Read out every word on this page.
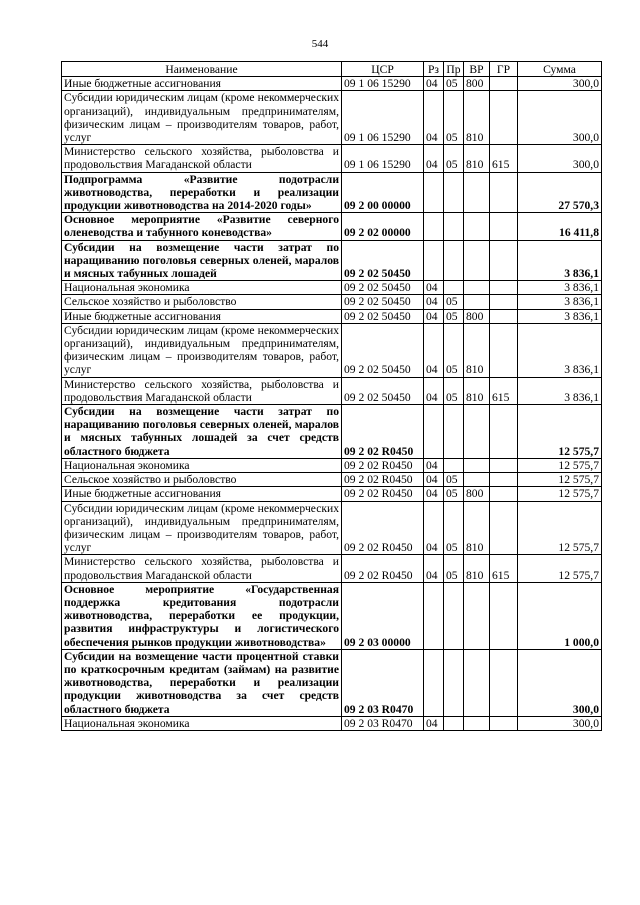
544
Наименование	ЦСР	Рз	Пр	ВР	ГР	Сумма
Иные бюджетные ассигнования	09 1 06 15290	04	05	800		300,0
Субсидии юридическим лицам (кроме некоммерческих организаций), индивидуальным предпринимателям, физическим лицам – производителям товаров, работ, услуг	09 1 06 15290	04	05	810		300,0
Министерство сельского хозяйства, рыболовства и продовольствия Магаданской области	09 1 06 15290	04	05	810	615	300,0
Подпрограмма «Развитие подотрасли животноводства, переработки и реализации продукции животноводства на 2014-2020 годы»	09 2 00 00000					27 570,3
Основное мероприятие «Развитие северного оленеводства и табунного коневодства»	09 2 02 00000					16 411,8
Субсидии на возмещение части затрат по наращиванию поголовья северных оленей, маралов и мясных табунных лошадей	09 2 02 50450					3 836,1
Национальная экономика	09 2 02 50450	04				3 836,1
Сельское хозяйство и рыболовство	09 2 02 50450	04	05			3 836,1
Иные бюджетные ассигнования	09 2 02 50450	04	05	800		3 836,1
Субсидии юридическим лицам (кроме некоммерческих организаций), индивидуальным предпринимателям, физическим лицам – производителям товаров, работ, услуг	09 2 02 50450	04	05	810		3 836,1
Министерство сельского хозяйства, рыболовства и продовольствия Магаданской области	09 2 02 50450	04	05	810	615	3 836,1
Субсидии на возмещение части затрат по наращиванию поголовья северных оленей, маралов и мясных табунных лошадей за счет средств областного бюджета	09 2 02 R0450					12 575,7
Национальная экономика	09 2 02 R0450	04				12 575,7
Сельское хозяйство и рыболовство	09 2 02 R0450	04	05			12 575,7
Иные бюджетные ассигнования	09 2 02 R0450	04	05	800		12 575,7
Субсидии юридическим лицам (кроме некоммерческих организаций), индивидуальным предпринимателям, физическим лицам – производителям товаров, работ, услуг	09 2 02 R0450	04	05	810		12 575,7
Министерство сельского хозяйства, рыболовства и продовольствия Магаданской области	09 2 02 R0450	04	05	810	615	12 575,7
Основное мероприятие «Государственная поддержка кредитования подотрасли животноводства, переработки ее продукции, развития инфраструктуры и логистического обеспечения рынков продукции животноводства»	09 2 03 00000					1 000,0
Субсидии на возмещение части процентной ставки по краткосрочным кредитам (займам) на развитие животноводства, переработки и реализации продукции животноводства за счет средств областного бюджета	09 2 03 R0470					300,0
Национальная экономика	09 2 03 R0470	04				300,0
